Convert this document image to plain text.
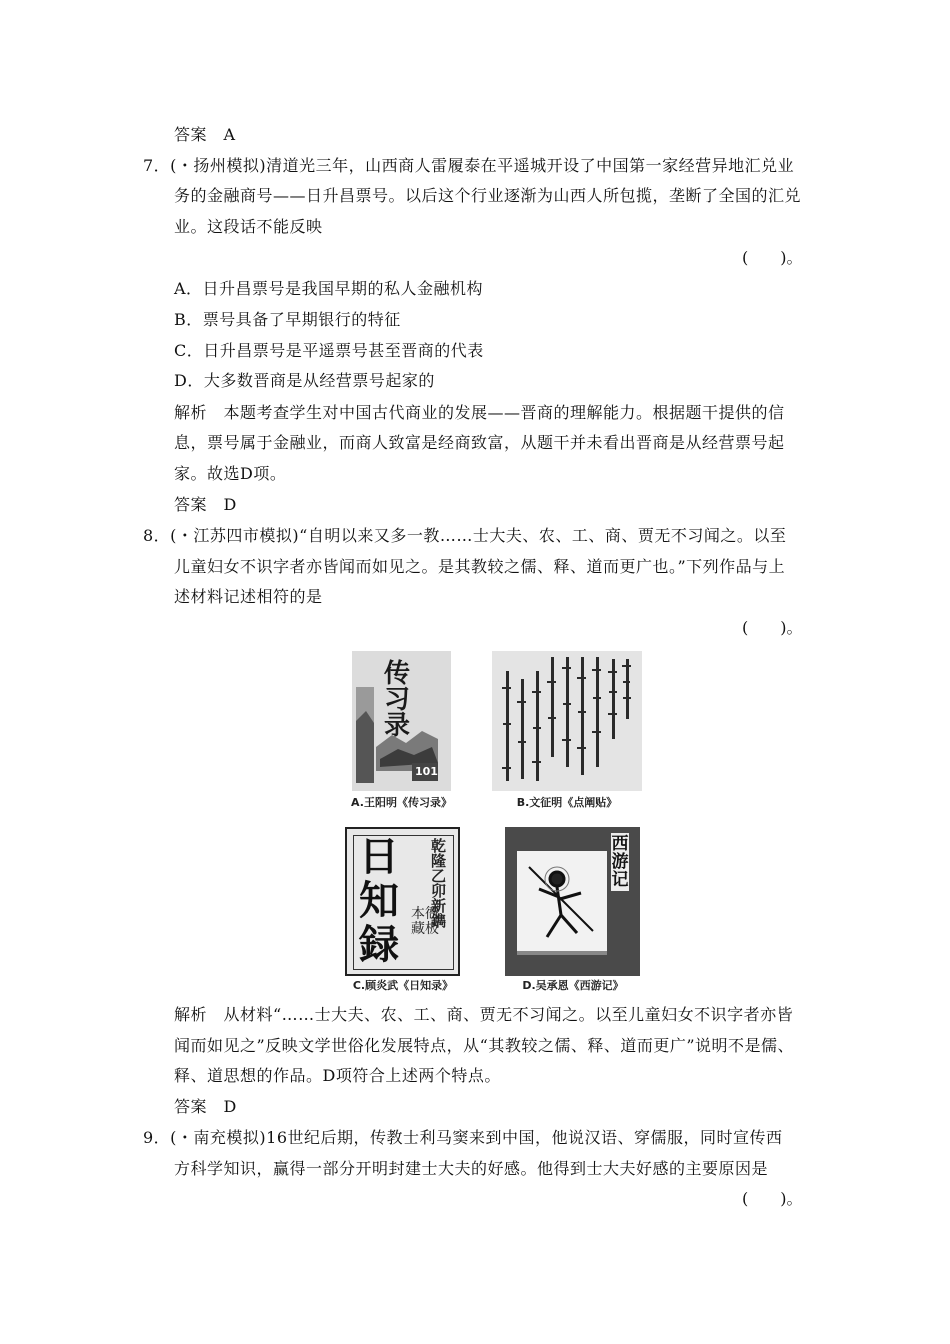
答案　A
7．(・扬州模拟)清道光三年，山西商人雷履泰在平遥城开设了中国第一家经营异地汇兑业
务的金融商号——日升昌票号。以后这个行业逐渐为山西人所包揽，垄断了全国的汇兑
业。这段话不能反映
(　　)。
A．日升昌票号是我国早期的私人金融机构
B．票号具备了早期银行的特征
C．日升昌票号是平遥票号甚至晋商的代表
D．大多数晋商是从经营票号起家的
解析　本题考查学生对中国古代商业的发展——晋商的理解能力。根据题干提供的信
息，票号属于金融业，而商人致富是经商致富，从题干并未看出晋商是从经营票号起
家。故选D项。
答案　D
8．(・江苏四市模拟)“自明以来又多一教……士大夫、农、工、商、贾无不习闻之。以至
儿童妇女不识字者亦皆闻而如见之。是其教较之儒、释、道而更广也。”下列作品与上
述材料记述相符的是
(　　)。
传习录
101
A.王阳明《传习录》	B.文征明《点阐贴》
日知録
乾隆乙卯新鐫
本衙藏板
C.顾炎武《日知录》
西游记
D.吴承恩《西游记》
解析　从材料“……士大夫、农、工、商、贾无不习闻之。以至儿童妇女不识字者亦皆
闻而如见之”反映文学世俗化发展特点，从“其教较之儒、释、道而更广”说明不是儒、
释、道思想的作品。D项符合上述两个特点。
答案　D
9．(・南充模拟)16世纪后期，传教士利马窦来到中国，他说汉语、穿儒服，同时宣传西
方科学知识，赢得一部分开明封建士大夫的好感。他得到士大夫好感的主要原因是
(　　)。
